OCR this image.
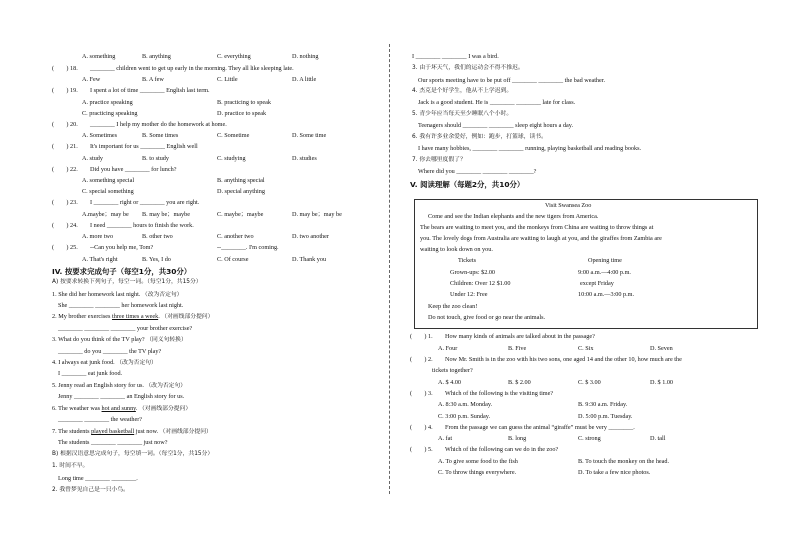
A. something	B. anything	C. everything	D. nothing
(　　) 18. ________ children went to get up early in the morning. They all like sleeping late.
A. Few	B. A few	C. Little	D. A little
(　　) 19. I spent a lot of time ________ English last term.
A. practice speaking	B. practicing to speak
C. practicing speaking	D. practice to speak
(　　) 20. ________ I help my mother do the homework at home.
A. Sometimes	B. Some times	C. Sometime	D. Some time
(　　) 21. It's important for us ________ English well
A. study	B. to study	C. studying	D. studies
(　　) 22. Did you have ________ for lunch?
A. something special	B. anything special
C. special something	D. special anything
(　　) 23. I ________ right or ________ you are right.
A.maybe；may be B. may be；maybe	C. maybe；maybe	D. may be；may be
(　　) 24. I need ________ hours to finish the work.
A. more two	B. other two	C. another two	D. two another
(　　) 25. --Can you help me, Tom?	--________. I'm coming.
A. That's right	B. Yes, I do	C. Of course	D. Thank you
IV. 按要求完成句子（每空1分，共30分）
A) 按要求转换下列句子，每空一词。（每空1分，共15分）
1. She did her homework last night. （改为否定句）
She ________ ________ her homework last night.
2. My brother exercises three times a week. （对画线部分提问）
________ ________ ________ your brother exercise?
3. What do you think of the TV play? （同义句转换）
________ do you ________ the TV play?
4. I always eat junk food. （改为否定句）
I ________ eat junk food.
5. Jenny read an English story for us. （改为否定句）
Jenny ________ ________ an English story for us.
6. The weather was hot and sunny. （对画线部分提问）
________ ________ the weather?
7. The students played basketball just now. （对画线部分提问）
The students ________ ________ just now?
B) 根据汉语意思完成句子，每空填一词。（每空1分，共15分）
1. 时间不早。
Long time ________ ________.
2. 我曾梦见自己是一只小鸟。
I ________ ________ I was a bird.
3. 由于坏天气，我们的运动会不得不推迟。
Our sports meeting have to be put off ________ ________ the bad weather.
4. 杰克是个好学生，他从不上学迟到。
Jack is a good student. He is ________ ________ late for class.
5. 青少年应当每天至少睡眠八个小时。
Teenagers should ________ ________ sleep eight hours a day.
6. 我有许多业余爱好，例如：跑步，打篮球，读书。
I have many hobbies, ________ ________ running, playing basketball and reading books.
7. 你去哪里度假了？
Where did you ________ ________ ________?
V. 阅读理解（每题2分，共10分）
Visit Swansea Zoo
Come and see the Indian elephants and the new tigers from America.
The bears are waiting to meet you, and the monkeys from China are waiting to throw things at
you. The lovely dogs from Australia are waiting to laugh at you, and the giraffes from Zambia are
waiting to look down on you.
Tickets	Opening time
Grown-ups: $2.00	9:00 a.m.—4:00 p.m.
Children: Over 12 $1.00	except Friday
Under 12: Free	10:00 a.m.—3:00 p.m.
Keep the zoo clean!
Do not touch, give food or go near the animals.
(　　) 1. How many kinds of animals are talked about in the passage?
A. Four	B. Five	C. Six	D. Seven
(　　) 2. Now Mr. Smith is in the zoo with his two sons, one aged 14 and the other 10, how much are the
tickets together?
A. $ 4.00	B. $ 2.00	C. $ 3.00	D. $ 1.00
(　　) 3. Which of the following is the visiting time?
A. 8:30 a.m. Monday.	B. 9:30 a.m. Friday.
C. 3:00 p.m. Sunday.	D. 5:00 p.m. Tuesday.
(　　) 4. From the passage we can guess the animal “giraffe” must be very ________.
A. fat	B. long	C. strong	D. tall
(　　) 5. Which of the following can we do in the zoo?
A. To give some food to the fish	B. To touch the monkey on the head.
C. To throw things everywhere.	D. To take a few nice photos.
